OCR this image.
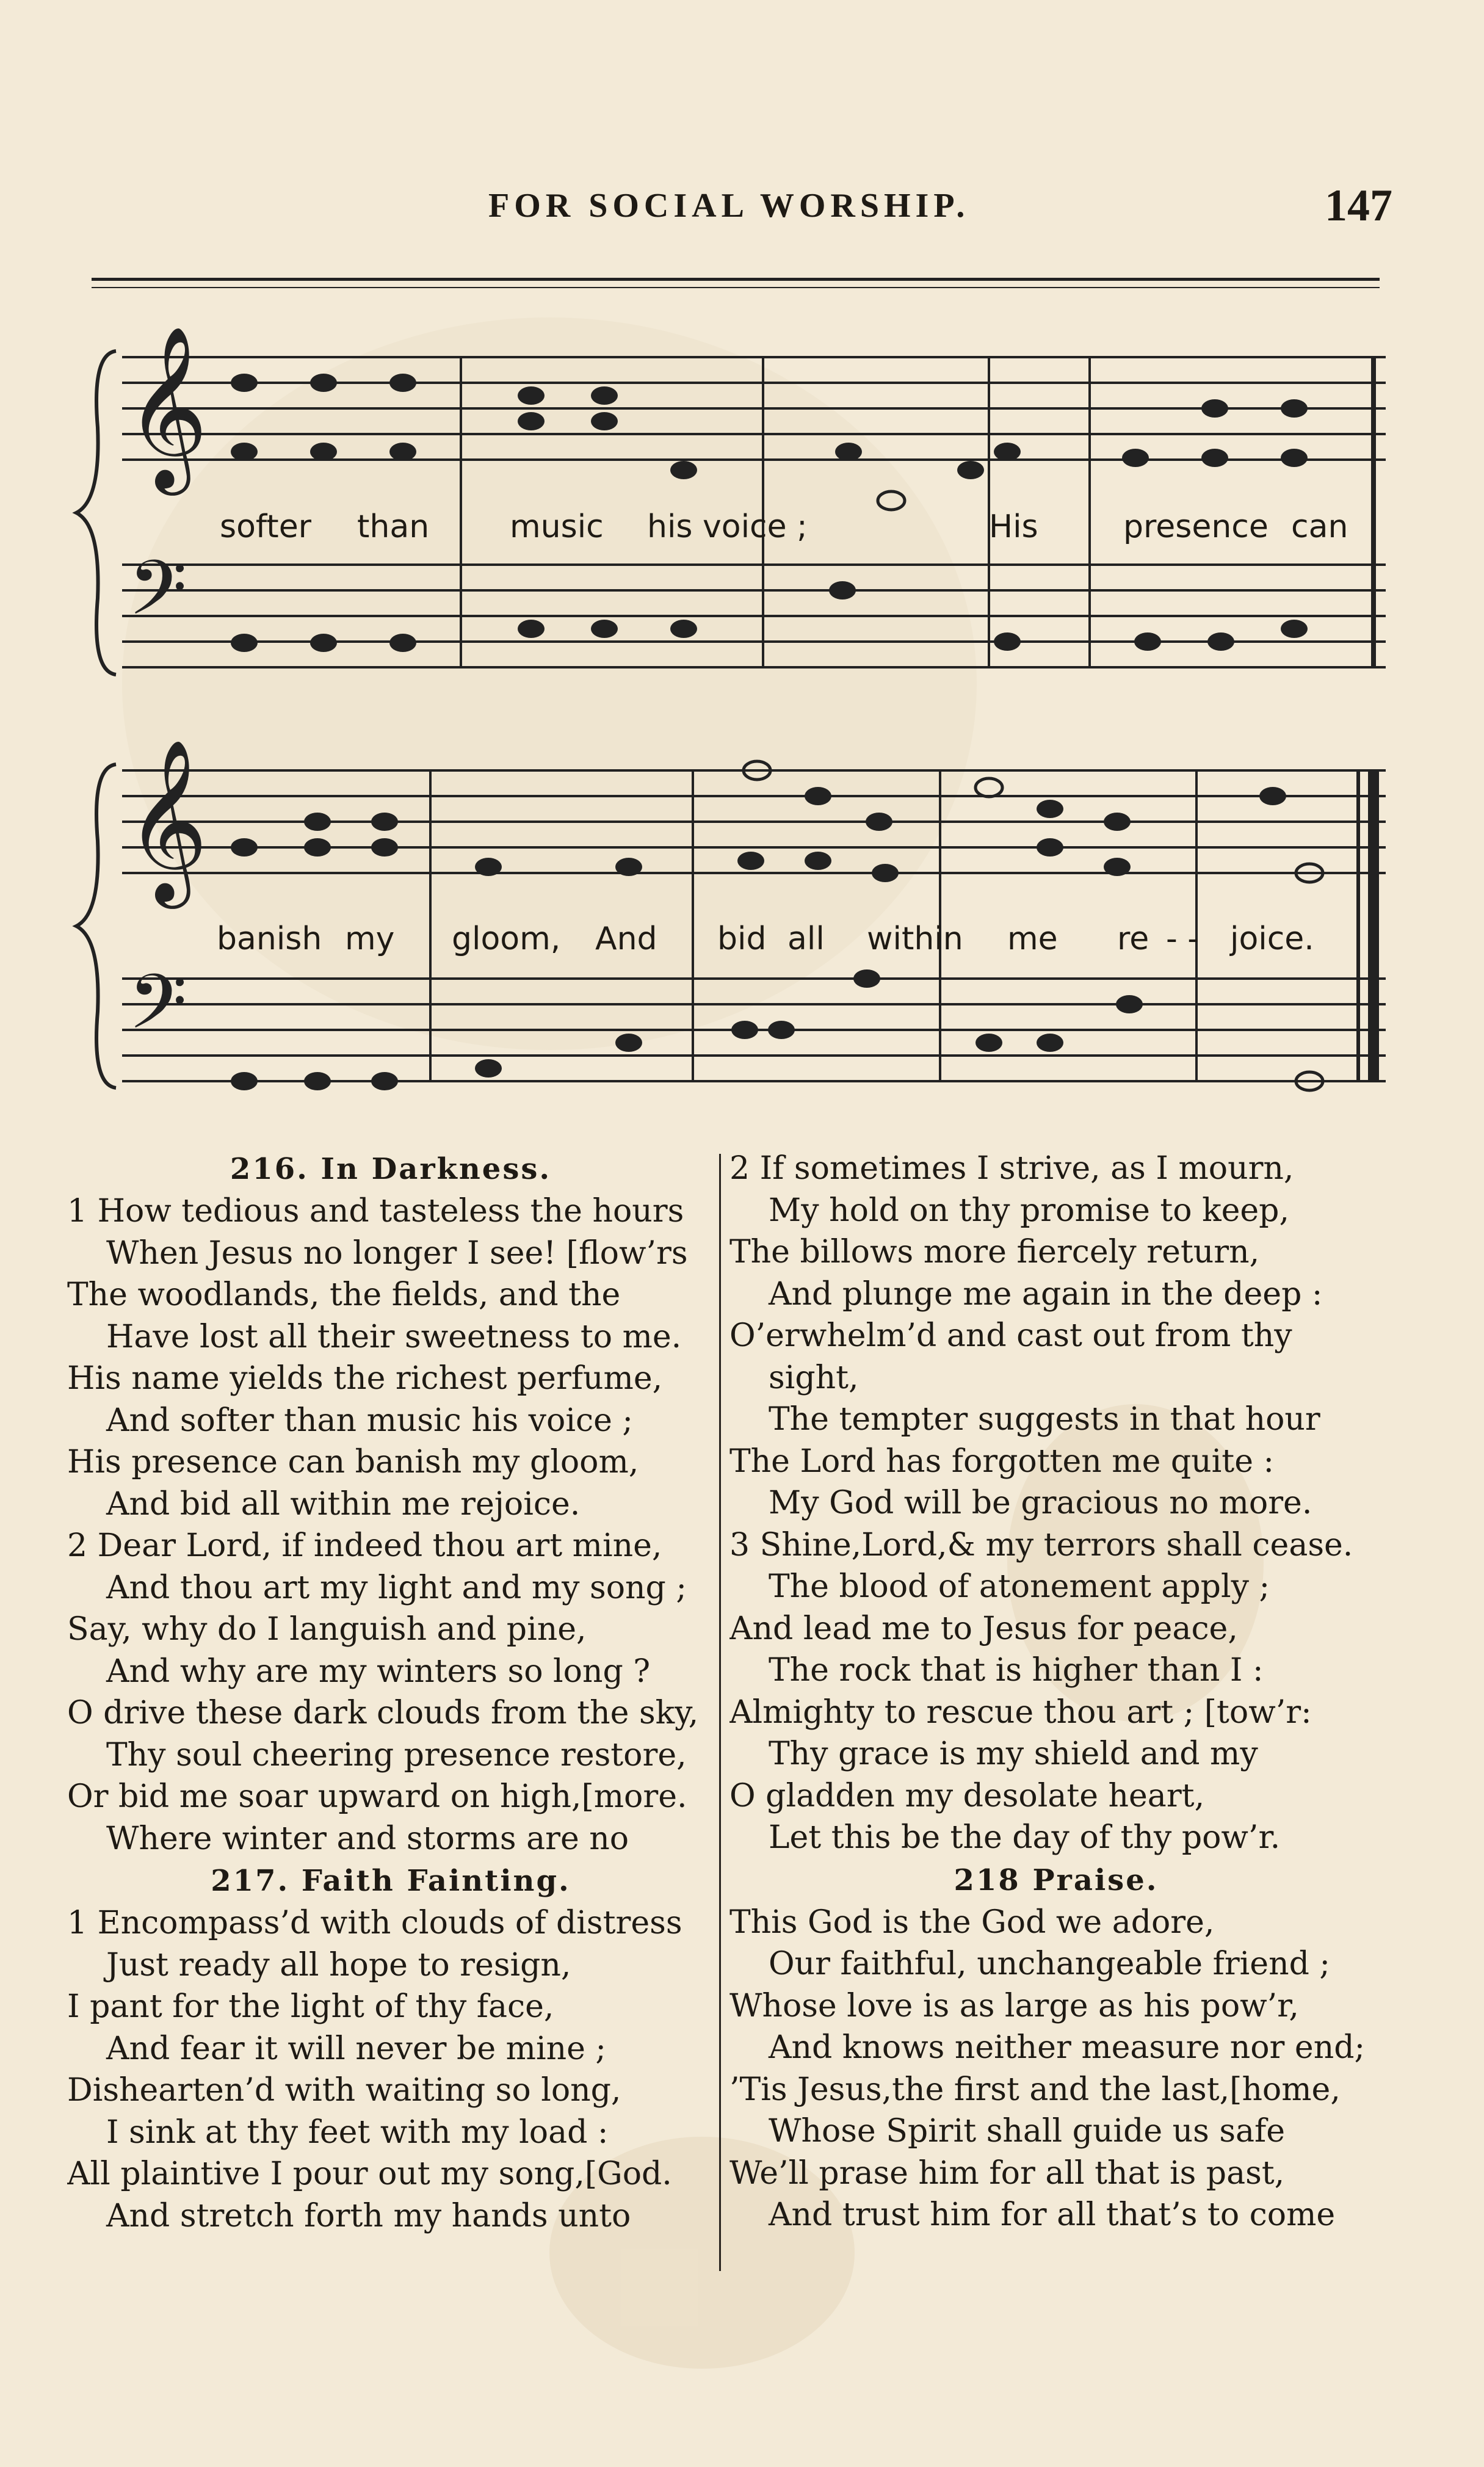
FOR SOCIAL WORSHIP.	147
𝄞
𝄢
𝄞
𝄢
softer than	music his voice ;	His	presence can
banish my gloom, And bid all within me re - - joice.
216. In Darkness.
1 How tedious and tasteless the hours
When Jesus no longer I see! [flow’rs
The woodlands, the fields, and the
Have lost all their sweetness to me.
His name yields the richest perfume,
And softer than music his voice ;
His presence can banish my gloom,
And bid all within me rejoice.
2 Dear Lord, if indeed thou art mine,
And thou art my light and my song ;
Say, why do I languish and pine,
And why are my winters so long ?
O drive these dark clouds from the sky,
Thy soul cheering presence restore,
Or bid me soar upward on high,[more.
Where winter and storms are no
217. Faith Fainting.
1 Encompass’d with clouds of distress
Just ready all hope to resign,
I pant for the light of thy face,
And fear it will never be mine ;
Dishearten’d with waiting so long,
I sink at thy feet with my load :
All plaintive I pour out my song,[God.
And stretch forth my hands unto
2 If sometimes I strive, as I mourn,
My hold on thy promise to keep,
The billows more fiercely return,
And plunge me again in the deep :
O’erwhelm’d and cast out from thy
sight,
The tempter suggests in that hour
The Lord has forgotten me quite :
My God will be gracious no more.
3 Shine,Lord,& my terrors shall cease.
The blood of atonement apply ;
And lead me to Jesus for peace,
The rock that is higher than I :
Almighty to rescue thou art ; [tow’r:
Thy grace is my shield and my
O gladden my desolate heart,
Let this be the day of thy pow’r.
218 Praise.
This God is the God we adore,
Our faithful, unchangeable friend ;
Whose love is as large as his pow’r,
And knows neither measure nor end;
’Tis Jesus,the first and the last,[home,
Whose Spirit shall guide us safe
We’ll prase him for all that is past,
And trust him for all that’s to come
